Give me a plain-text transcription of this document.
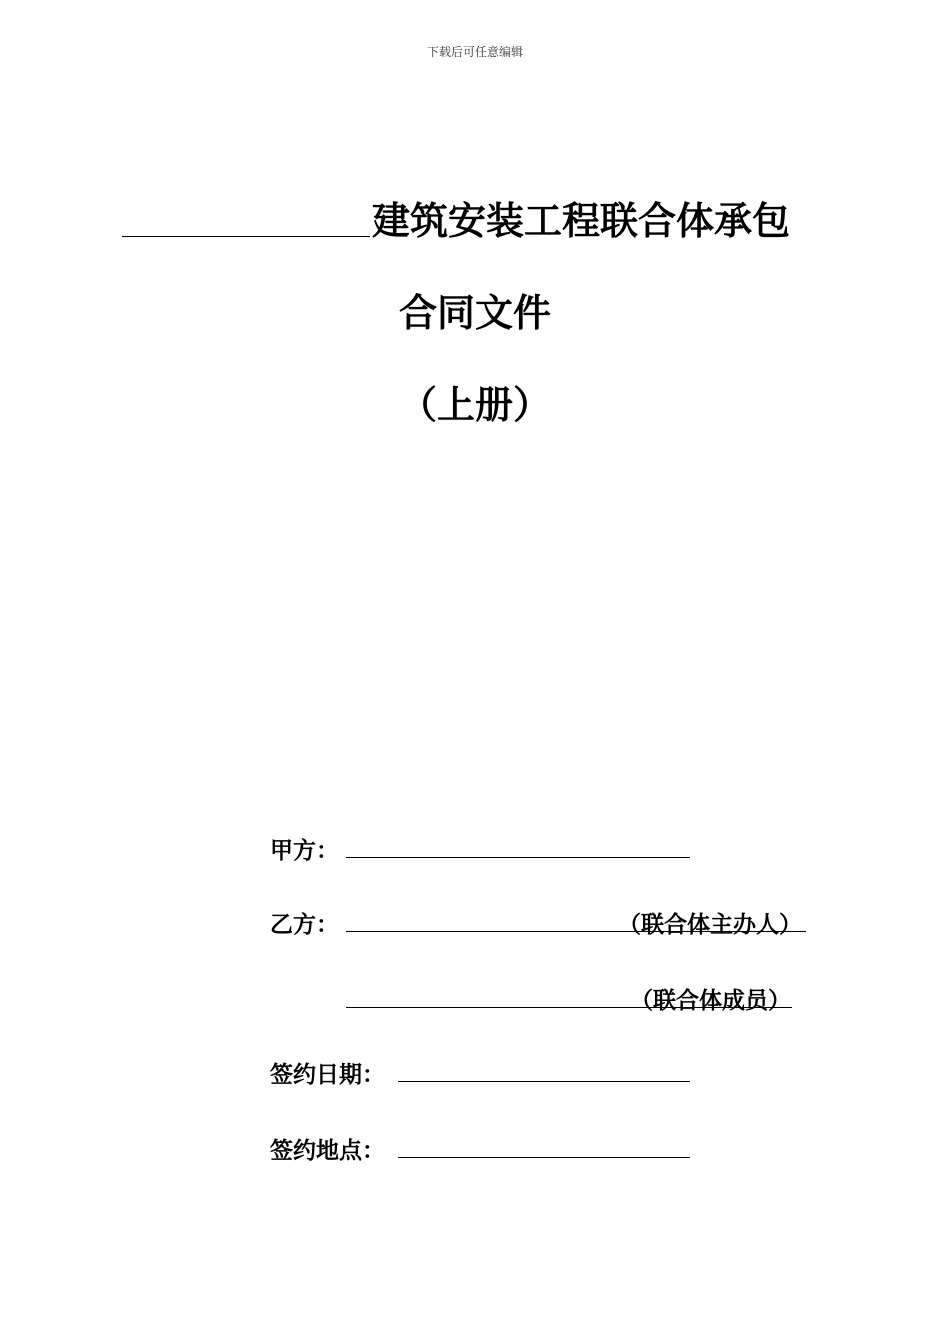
下载后可任意编辑
建筑安装工程联合体承包
合同文件
（上册）
甲方：
乙方：	（联合体主办人）
（联合体成员）
签约日期：
签约地点：
